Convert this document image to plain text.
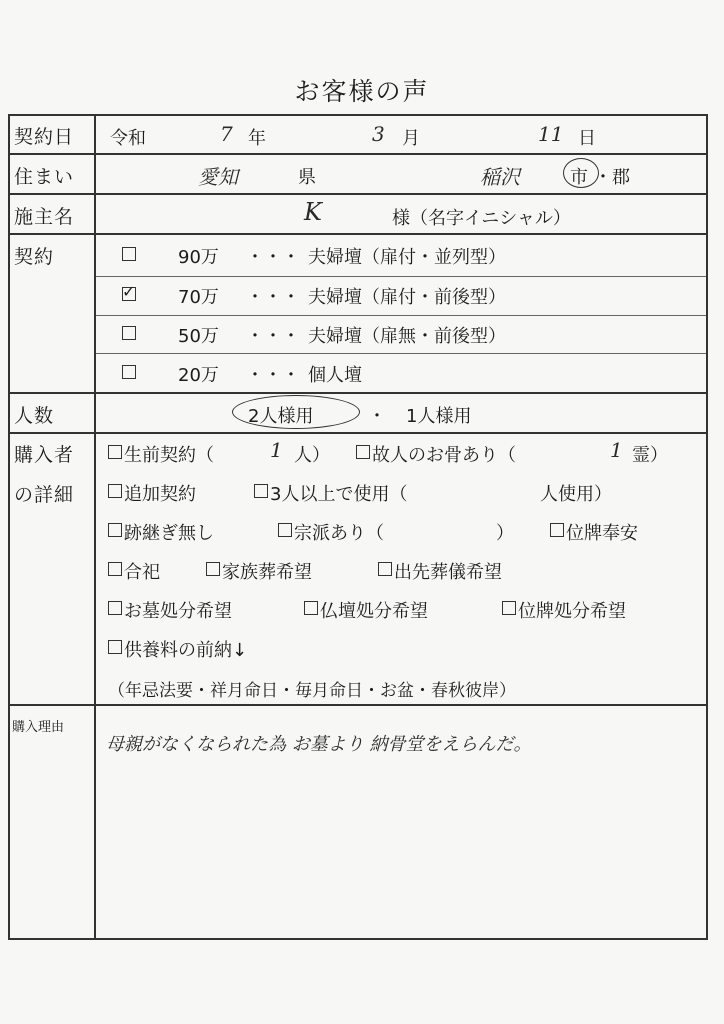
お客様の声
契約日 令和	7 年	3 月	11 日
住まい	愛知	県	稲沢	市 ・ 郡
施主名	K	様（名字イニシャル）
契約	90万 ・・・ 夫婦壇（扉付・並列型）
✓ 70万 ・・・ 夫婦壇（扉付・前後型）
50万 ・・・ 夫婦壇（扉無・前後型）
20万 ・・・ 個人壇
人数	2人様用	・ 1人様用
購入者
の詳細
生前契約（	1 人） 故人のお骨あり（	1 霊）
追加契約	3人以上で使用（	人使用）
跡継ぎ無し	宗派あり（	）	位牌奉安
合祀	家族葬希望	出先葬儀希望
お墓処分希望	仏壇処分希望	位牌処分希望
供養料の前納↓
（年忌法要・祥月命日・毎月命日・お盆・春秋彼岸）
購入理由
母親がなくなられた為 お墓より 納骨堂をえらんだ。
